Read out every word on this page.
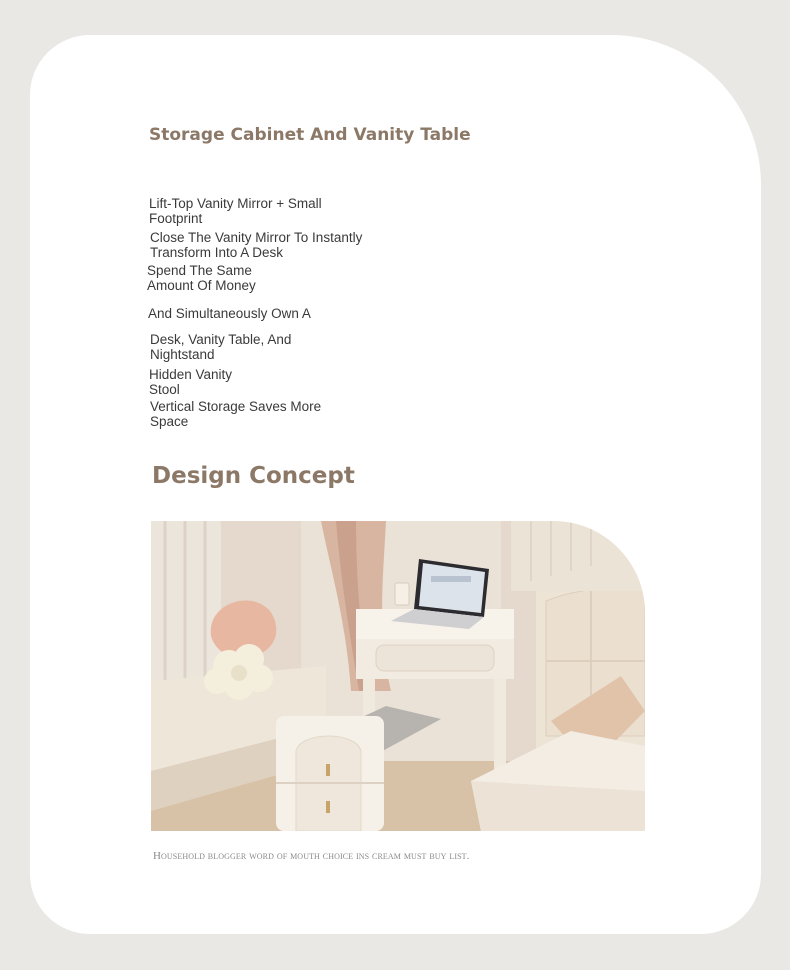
Storage Cabinet And Vanity Table

Lift-Top Vanity Mirror + Small Footprint

Close The Vanity Mirror To Instantly Transform Into A Desk

Spend The Same Amount Of Money

And Simultaneously Own A

Desk, Vanity Table, And Nightstand

Hidden Vanity Stool

Vertical Storage Saves More Space

Design Concept
Household blogger word of mouth choice ins cream must buy list.
